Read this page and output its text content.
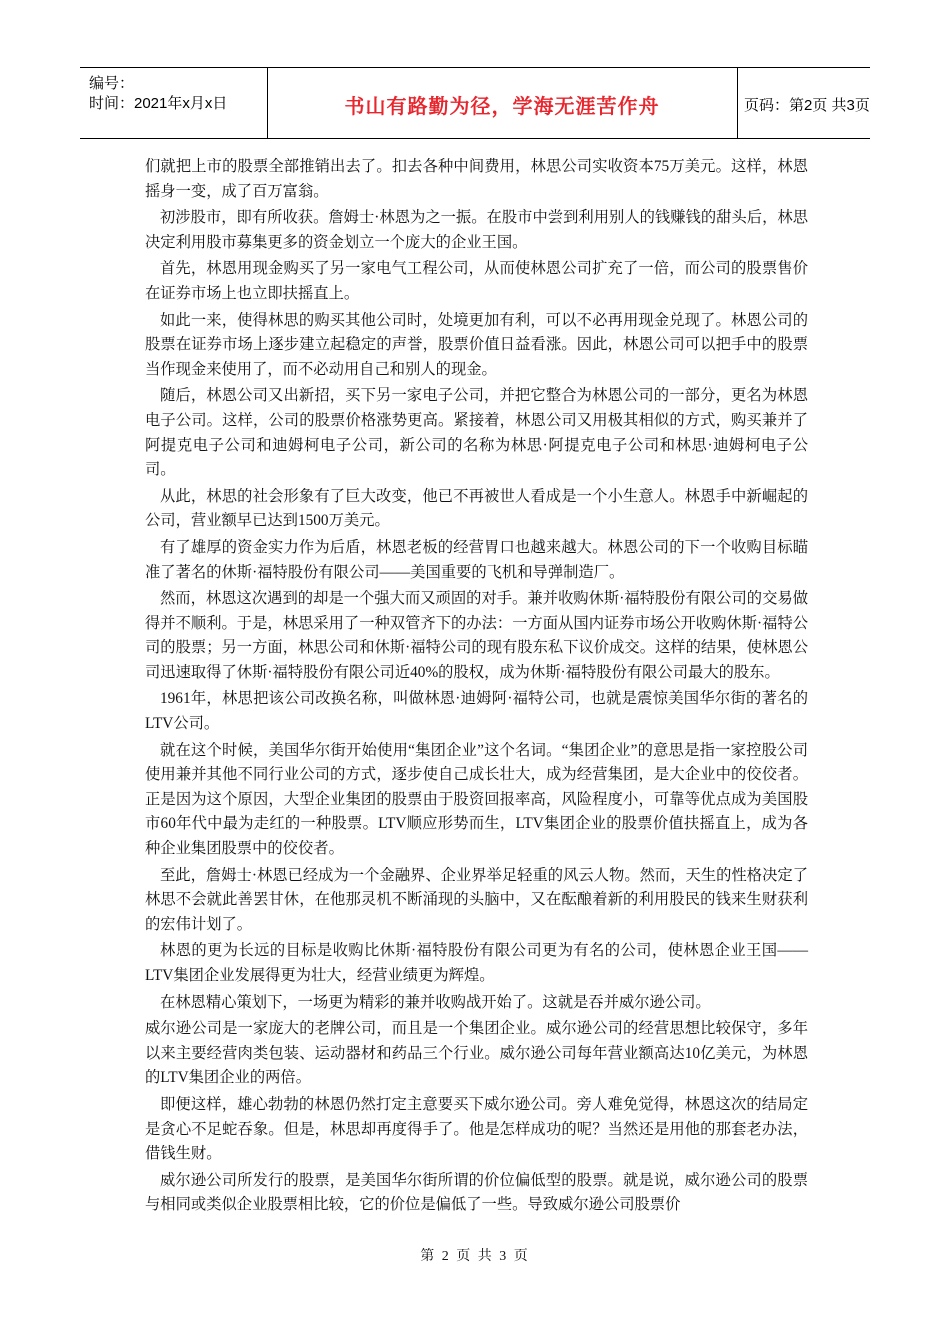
编号：
时间：2021年x月x日	书山有路勤为径，学海无涯苦作舟	页码：第2页 共3页

们就把上市的股票全部推销出去了。扣去各种中间费用，林思公司实收资本75万美元。这样，林恩摇身一变，成了百万富翁。

初涉股市，即有所收获。詹姆士·林恩为之一振。在股市中尝到利用别人的钱赚钱的甜头后，林思决定利用股市募集更多的资金划立一个庞大的企业王国。

首先，林恩用现金购买了另一家电气工程公司，从而使林恩公司扩充了一倍，而公司的股票售价在证券市场上也立即扶摇直上。

如此一来，使得林思的购买其他公司时，处境更加有利，可以不必再用现金兑现了。林恩公司的股票在证券市场上逐步建立起稳定的声誉，股票价值日益看涨。因此，林恩公司可以把手中的股票当作现金来使用了，而不必动用自己和别人的现金。

随后，林恩公司又出新招，买下另一家电子公司，并把它整合为林恩公司的一部分，更名为林恩电子公司。这样，公司的股票价格涨势更高。紧接着，林恩公司又用极其相似的方式，购买兼并了阿提克电子公司和迪姆柯电子公司，新公司的名称为林思·阿提克电子公司和林思·迪姆柯电子公司。

从此，林思的社会形象有了巨大改变，他已不再被世人看成是一个小生意人。林恩手中新崛起的公司，营业额早已达到1500万美元。

有了雄厚的资金实力作为后盾，林恩老板的经营胃口也越来越大。林恩公司的下一个收购目标瞄准了著名的休斯·福特股份有限公司——美国重要的飞机和导弹制造厂。

然而，林恩这次遇到的却是一个强大而又顽固的对手。兼并收购休斯·福特股份有限公司的交易做得并不顺利。于是，林思采用了一种双管齐下的办法：一方面从国内证券市场公开收购休斯·福特公司的股票；另一方面，林思公司和休斯·福特公司的现有股东私下议价成交。这样的结果，使林恩公司迅速取得了休斯·福特股份有限公司近40%的股权，成为休斯·福特股份有限公司最大的股东。

1961年，林思把该公司改换名称，叫做林恩·迪姆阿·福特公司，也就是震惊美国华尔街的著名的LTV公司。

就在这个时候，美国华尔街开始使用“集团企业”这个名词。“集团企业”的意思是指一家控股公司使用兼并其他不同行业公司的方式，逐步使自己成长壮大，成为经营集团，是大企业中的佼佼者。正是因为这个原因，大型企业集团的股票由于股资回报率高，风险程度小，可靠等优点成为美国股市60年代中最为走红的一种股票。LTV顺应形势而生，LTV集团企业的股票价值扶摇直上，成为各种企业集团股票中的佼佼者。

至此，詹姆士·林恩已经成为一个金融界、企业界举足轻重的风云人物。然而，天生的性格决定了林思不会就此善罢甘休，在他那灵机不断涌现的头脑中，又在酝酿着新的利用股民的钱来生财获利的宏伟计划了。

林恩的更为长远的目标是收购比休斯·福特股份有限公司更为有名的公司，使林恩企业王国——LTV集团企业发展得更为壮大，经营业绩更为辉煌。

在林恩精心策划下，一场更为精彩的兼并收购战开始了。这就是吞并威尔逊公司。

威尔逊公司是一家庞大的老牌公司，而且是一个集团企业。威尔逊公司的经营思想比较保守，多年以来主要经营肉类包装、运动器材和药品三个行业。威尔逊公司每年营业额高达10亿美元，为林恩的LTV集团企业的两倍。

即便这样，雄心勃勃的林恩仍然打定主意要买下威尔逊公司。旁人难免觉得，林恩这次的结局定是贪心不足蛇吞象。但是，林思却再度得手了。他是怎样成功的呢？当然还是用他的那套老办法，借钱生财。

威尔逊公司所发行的股票，是美国华尔街所谓的价位偏低型的股票。就是说，威尔逊公司的股票与相同或类似企业股票相比较，它的价位是偏低了一些。导致威尔逊公司股票价

第 2 页 共 3 页
